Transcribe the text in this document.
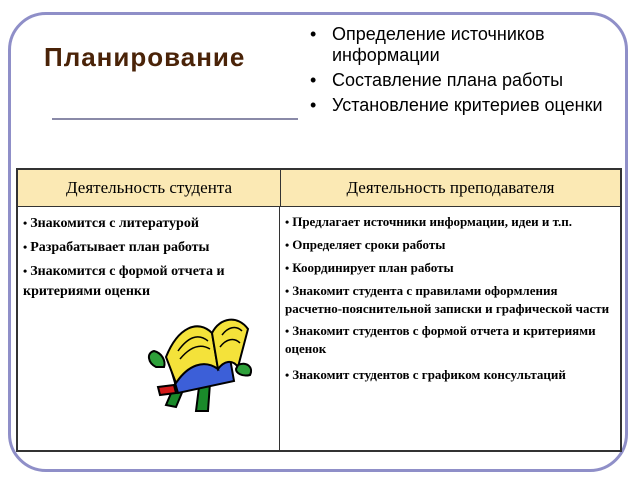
Планирование
• Определение источников информации
• Составление плана работы
• Установление критериев оценки
Деятельность студента	Деятельность преподавателя
• Знакомится с литературой
• Разрабатывает план работы
• Знакомится с формой отчета и критериями оценки
• Предлагает источники информации, идеи и т.п.
• Определяет сроки работы
• Координирует план работы
• Знакомит студента с правилами оформления расчетно-пояснительной записки и графической части
• Знакомит студентов с формой отчета и критериями оценок
• Знакомит студентов с графиком консультаций
